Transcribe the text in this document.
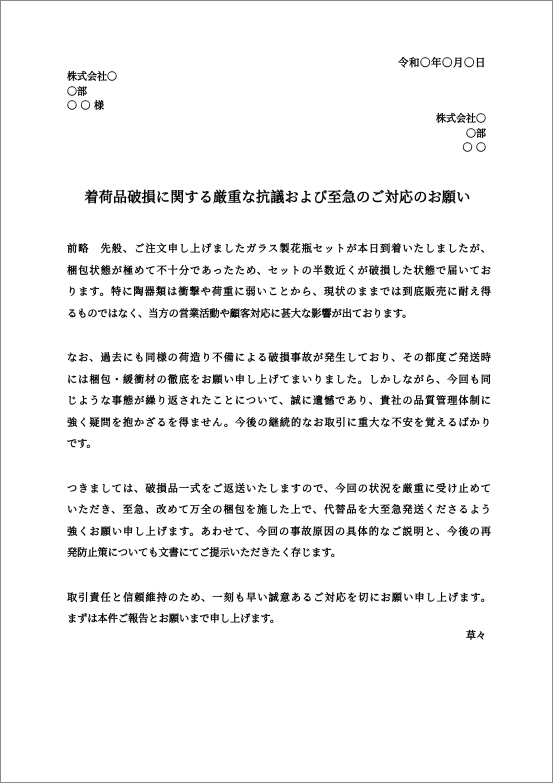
令和〇年〇月〇日
株式会社〇
〇部
〇 〇 様
株式会社〇
〇部
〇 〇
着荷品破損に関する厳重な抗議および至急のご対応のお願い
前略　先般、ご注文申し上げましたガラス製花瓶セットが本日到着いたしましたが、
梱包状態が極めて不十分であったため、セットの半数近くが破損した状態で届いてお
ります。特に陶器類は衝撃や荷重に弱いことから、現状のままでは到底販売に耐え得
るものではなく、当方の営業活動や顧客対応に甚大な影響が出ております。
なお、過去にも同様の荷造り不備による破損事故が発生しており、その都度ご発送時
には梱包・緩衝材の徹底をお願い申し上げてまいりました。しかしながら、今回も同
じような事態が繰り返されたことについて、誠に遺憾であり、貴社の品質管理体制に
強く疑問を抱かざるを得ません。今後の継続的なお取引に重大な不安を覚えるばかり
です。
つきましては、破損品一式をご返送いたしますので、今回の状況を厳重に受け止めて
いただき、至急、改めて万全の梱包を施した上で、代替品を大至急発送くださるよう
強くお願い申し上げます。あわせて、今回の事故原因の具体的なご説明と、今後の再
発防止策についても文書にてご提示いただきたく存じます。
取引責任と信頼維持のため、一刻も早い誠意あるご対応を切にお願い申し上げます。
まずは本件ご報告とお願いまで申し上げます。
草々
